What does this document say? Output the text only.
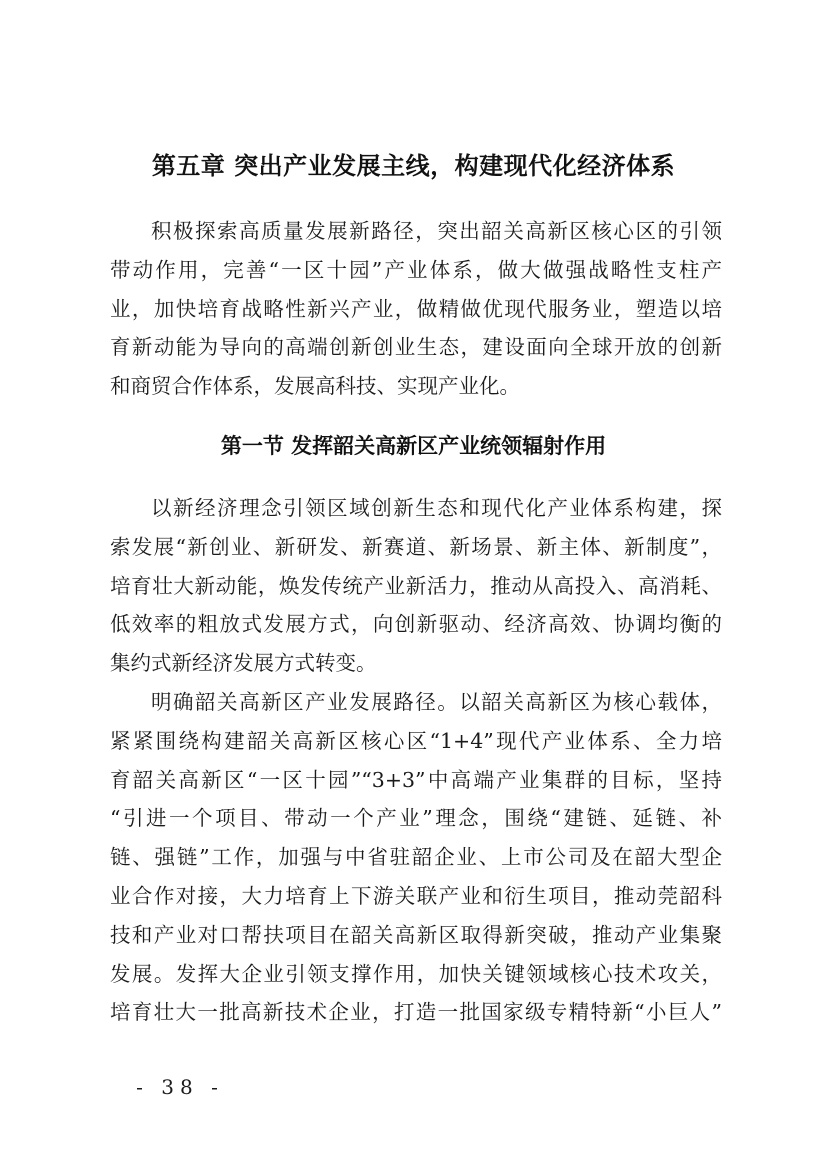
第五章 突出产业发展主线，构建现代化经济体系
积极探索高质量发展新路径，突出韶关高新区核心区的引领
带动作用，完善“一区十园”产业体系，做大做强战略性支柱产
业，加快培育战略性新兴产业，做精做优现代服务业，塑造以培
育新动能为导向的高端创新创业生态，建设面向全球开放的创新
和商贸合作体系，发展高科技、实现产业化。
第一节 发挥韶关高新区产业统领辐射作用
以新经济理念引领区域创新生态和现代化产业体系构建，探
索发展“新创业、新研发、新赛道、新场景、新主体、新制度”，
培育壮大新动能，焕发传统产业新活力，推动从高投入、高消耗、
低效率的粗放式发展方式，向创新驱动、经济高效、协调均衡的
集约式新经济发展方式转变。
明确韶关高新区产业发展路径。以韶关高新区为核心载体，
紧紧围绕构建韶关高新区核心区“1+4”现代产业体系、全力培
育韶关高新区“一区十园”“3+3”中高端产业集群的目标，坚持
“引进一个项目、带动一个产业”理念，围绕“建链、延链、补
链、强链”工作，加强与中省驻韶企业、上市公司及在韶大型企
业合作对接，大力培育上下游关联产业和衍生项目，推动莞韶科
技和产业对口帮扶项目在韶关高新区取得新突破，推动产业集聚
发展。发挥大企业引领支撑作用，加快关键领域核心技术攻关，
培育壮大一批高新技术企业，打造一批国家级专精特新“小巨人”
- 38 -
